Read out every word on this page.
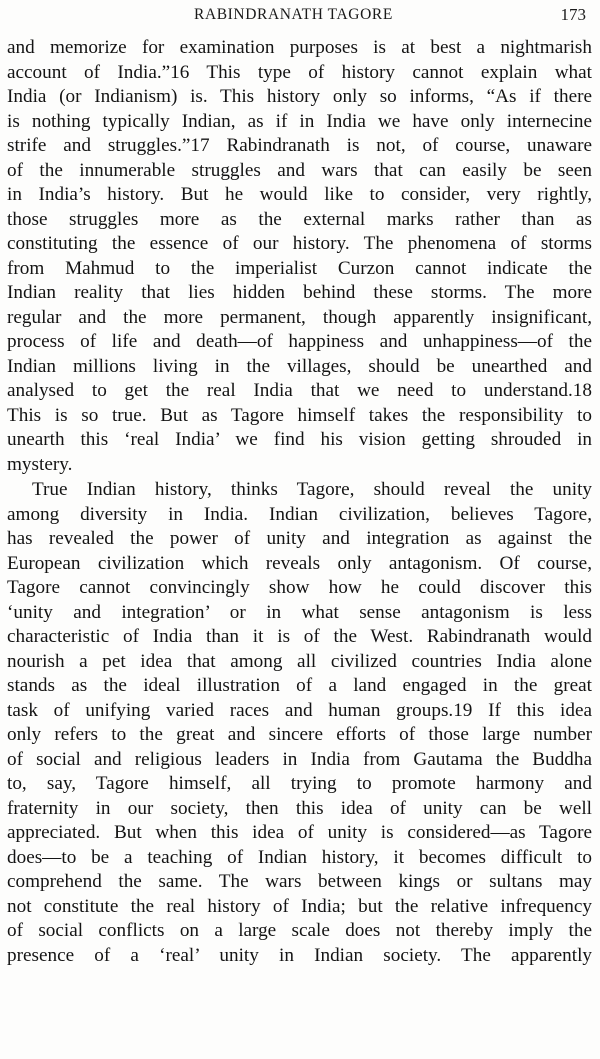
RABINDRANATH TAGORE	173
and memorize for examination purposes is at best a nightmarish
account of India.”16 This type of history cannot explain what
India (or Indianism) is. This history only so informs, “As if there
is nothing typically Indian, as if in India we have only internecine
strife and struggles.”17 Rabindranath is not, of course, unaware
of the innumerable struggles and wars that can easily be seen
in India’s history. But he would like to consider, very rightly,
those struggles more as the external marks rather than as
constituting the essence of our history. The phenomena of storms
from Mahmud to the imperialist Curzon cannot indicate the
Indian reality that lies hidden behind these storms. The more
regular and the more permanent, though apparently insignificant,
process of life and death—of happiness and unhappiness—of the
Indian millions living in the villages, should be unearthed and
analysed to get the real India that we need to understand.18
This is so true. But as Tagore himself takes the responsibility to
unearth this ‘real India’ we find his vision getting shrouded in
mystery.
True Indian history, thinks Tagore, should reveal the unity
among diversity in India. Indian civilization, believes Tagore,
has revealed the power of unity and integration as against the
European civilization which reveals only antagonism. Of course,
Tagore cannot convincingly show how he could discover this
‘unity and integration’ or in what sense antagonism is less
characteristic of India than it is of the West. Rabindranath would
nourish a pet idea that among all civilized countries India alone
stands as the ideal illustration of a land engaged in the great
task of unifying varied races and human groups.19 If this idea
only refers to the great and sincere efforts of those large number
of social and religious leaders in India from Gautama the Buddha
to, say, Tagore himself, all trying to promote harmony and
fraternity in our society, then this idea of unity can be well
appreciated. But when this idea of unity is considered—as Tagore
does—to be a teaching of Indian history, it becomes difficult to
comprehend the same. The wars between kings or sultans may
not constitute the real history of India; but the relative infrequency
of social conflicts on a large scale does not thereby imply the
presence of a ‘real’ unity in Indian society. The apparently
